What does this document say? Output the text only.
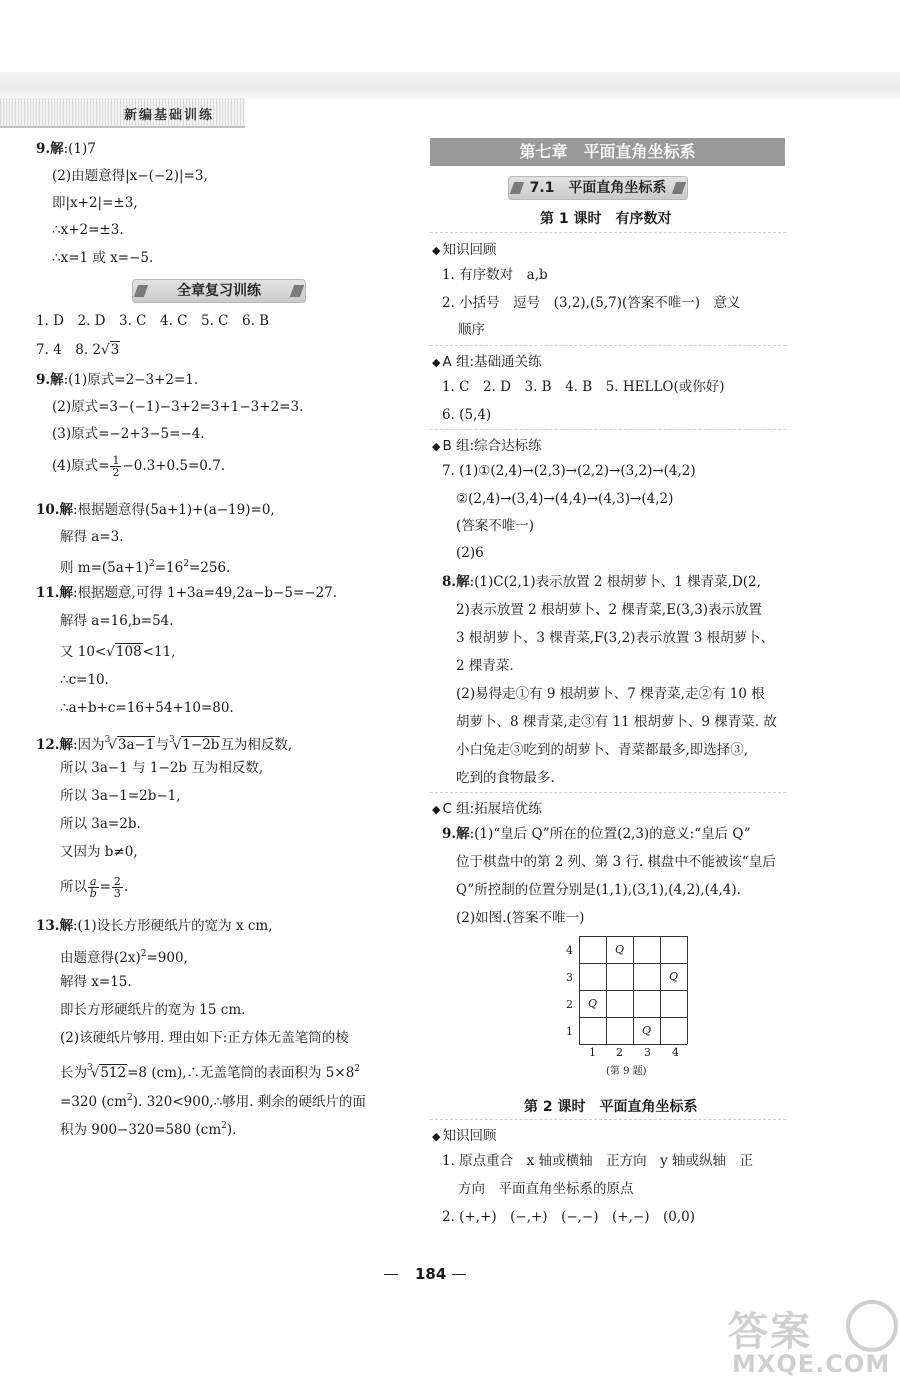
新编基础训练
9.解:(1)7
(2)由题意得|x−(−2)|=3,
即|x+2|=±3,
∴x+2=±3.
∴x=1 或 x=−5.
全章复习训练
1. D　2. D　3. C　4. C　5. C　6. B
7. 4　8. 2√3
9.解:(1)原式=2−3+2=1.
(2)原式=3−(−1)−3+2=3+1−3+2=3.
(3)原式=−2+3−5=−4.
(4)原式= $\frac{1}{2} -0.3+0.5=0.7$.
10.解:根据题意得(5a+1)+(a−19)=0,
解得 a=3.
则 $m=(5a+1)^2=16^2=256$.
11.解:根据题意,可得 1+3a=49,2a−b−5=−27.
解得 a=16,b=54.
又 10<√108<11,
∴c=10.
∴a+b+c=16+54+10=80.
12.解:因为$^3$√3a−1与$^3$√1−2b互为相反数,
所以 3a−1 与 1−2b 互为相反数,
所以 3a−1=2b−1,
所以 3a=2b.
又因为 b≠0,
所以 $\frac{a}{b} = \frac{2}{3}$ .
13.解:(1)设长方形硬纸片的宽为 x cm,
由题意得$(2x)^2=900$,
解得 x=15.
即长方形硬纸片的宽为 15 cm.
(2)该硬纸片够用. 理由如下:正方体无盖笔筒的棱
长为$^3$√512=8 (cm),∴无盖笔筒的表面积为 $5\times 8^2$
=320 $(cm^2)$. 320<900,∴够用. 剩余的硬纸片的面
积为 900−320=580 $(cm^2)$.
第七章　平面直角坐标系
7.1　平面直角坐标系
第 1 课时　有序数对
◆ 知识回顾
1. 有序数对　a,b
2. 小括号　逗号　(3,2),(5,7)(答案不唯一)　意义
顺序
◆ A 组:基础通关练
1. C　2. D　3. B　4. B　5. HELLO(或你好)
6. (5,4)
◆ B 组:综合达标练
7. (1)①(2,4)→(2,3)→(2,2)→(3,2)→(4,2)
②(2,4)→(3,4)→(4,4)→(4,3)→(4,2)
(答案不唯一)
(2)6
8.解:(1)C(2,1)表示放置 2 根胡萝卜、1 棵青菜,D(2,
2)表示放置 2 根胡萝卜、2 棵青菜,E(3,3)表示放置
3 根胡萝卜、3 棵青菜,F(3,2)表示放置 3 根胡萝卜、
2 棵青菜.
(2)易得走①有 9 根胡萝卜、7 棵青菜,走②有 10 根
胡萝卜、8 棵青菜,走③有 11 根胡萝卜、9 棵青菜. 故
小白兔走③吃到的胡萝卜、青菜都最多,即选择③,
吃到的食物最多.
◆ C 组:拓展培优练
9.解:(1)“皇后 Q”所在的位置(2,3)的意义:“皇后 Q”
位于棋盘中的第 2 列、第 3 行. 棋盘中不能被该“皇后
Q”所控制的位置分别是(1,1),(3,1),(4,2),(4,4).
(2)如图.(答案不唯一)
Q
Q
Q
Q
4
3
2
1
1 2 3 4
(第 9 题)
第 2 课时　平面直角坐标系
◆ 知识回顾
1. 原点重合　x 轴或横轴　正方向　y 轴或纵轴　正
方向　平面直角坐标系的原点
2. (+,+)　(−,+)　(−,−)　(+,−)　(0,0)
184
答案
MXQE.COM
